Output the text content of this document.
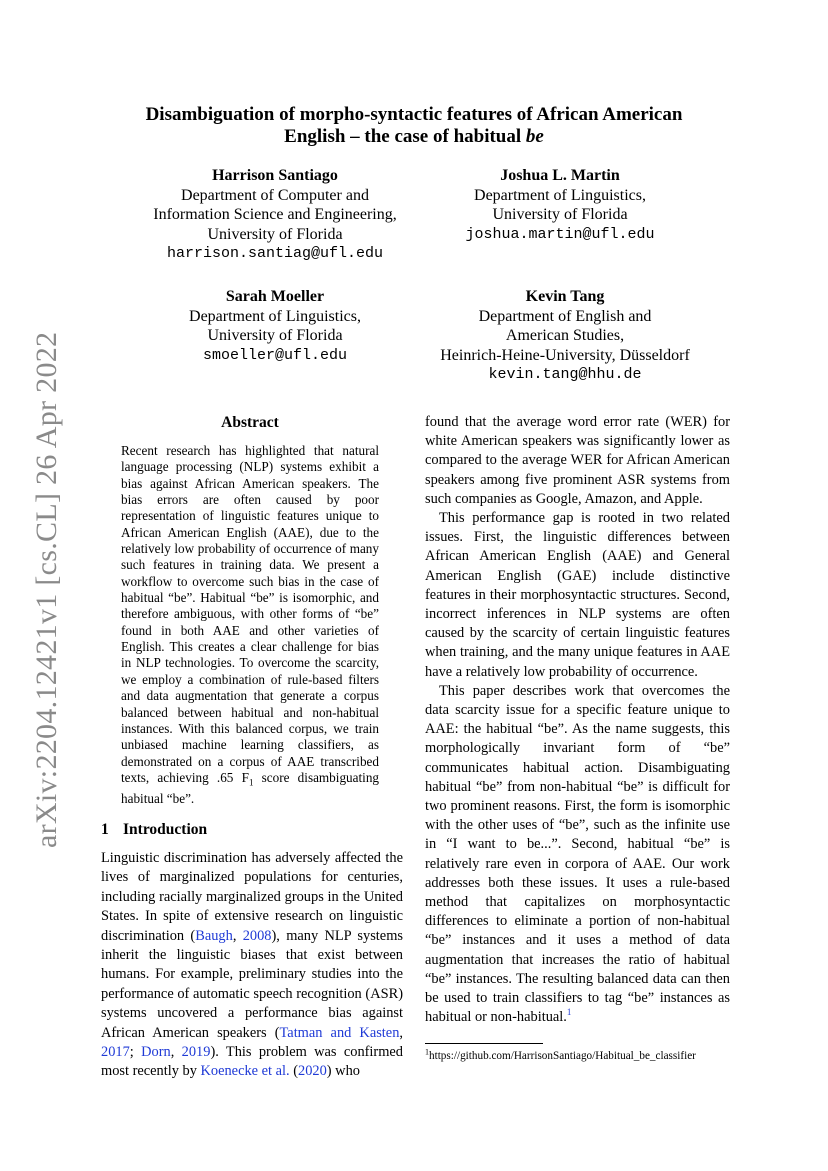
arXiv:2204.12421v1 [cs.CL] 26 Apr 2022
Disambiguation of morpho-syntactic features of African American
English – the case of habitual be
Harrison Santiago
Department of Computer and
Information Science and Engineering,
University of Florida
harrison.santiag@ufl.edu
Joshua L. Martin
Department of Linguistics,
University of Florida
joshua.martin@ufl.edu
Sarah Moeller
Department of Linguistics,
University of Florida
smoeller@ufl.edu
Kevin Tang
Department of English and
American Studies,
Heinrich-Heine-University, Düsseldorf
kevin.tang@hhu.de
Abstract
Recent research has highlighted that natural language processing (NLP) systems exhibit a bias against African American speakers. The bias errors are often caused by poor representation of linguistic features unique to African American English (AAE), due to the relatively low probability of occurrence of many such features in training data. We present a workflow to overcome such bias in the case of habitual “be”. Habitual “be” is isomorphic, and therefore ambiguous, with other forms of “be” found in both AAE and other varieties of English. This creates a clear challenge for bias in NLP technologies. To overcome the scarcity, we employ a combination of rule-based filters and data augmentation that generate a corpus balanced between habitual and non-habitual instances. With this balanced corpus, we train unbiased machine learning classifiers, as demonstrated on a corpus of AAE transcribed texts, achieving .65 $F_1$ score disambiguating habitual “be”.
1 Introduction
Linguistic discrimination has adversely affected the lives of marginalized populations for centuries, including racially marginalized groups in the United States. In spite of extensive research on linguistic discrimination (Baugh, 2008), many NLP systems inherit the linguistic biases that exist between humans. For example, preliminary studies into the performance of automatic speech recognition (ASR) systems uncovered a performance bias against African American speakers (Tatman and Kasten, 2017; Dorn, 2019). This problem was confirmed most recently by Koenecke et al. (2020) who

found that the average word error rate (WER) for white American speakers was significantly lower as compared to the average WER for African American speakers among five prominent ASR systems from such companies as Google, Amazon, and Apple.

This performance gap is rooted in two related issues. First, the linguistic differences between African American English (AAE) and General American English (GAE) include distinctive features in their morphosyntactic structures. Second, incorrect inferences in NLP systems are often caused by the scarcity of certain linguistic features when training, and the many unique features in AAE have a relatively low probability of occurrence.

This paper describes work that overcomes the data scarcity issue for a specific feature unique to AAE: the habitual “be”. As the name suggests, this morphologically invariant form of “be” communicates habitual action. Disambiguating habitual “be” from non-habitual “be” is difficult for two prominent reasons. First, the form is isomorphic with the other uses of “be”, such as the infinite use in “I want to be...”. Second, habitual “be” is relatively rare even in corpora of AAE. Our work addresses both these issues. It uses a rule-based method that capitalizes on morphosyntactic differences to eliminate a portion of non-habitual “be” instances and it uses a method of data augmentation that increases the ratio of habitual “be” instances. The resulting balanced data can then be used to train classifiers to tag “be” instances as habitual or non-habitual.$^1$

$^1$https://github.com/HarrisonSantiago/Habitual_be_classifier
